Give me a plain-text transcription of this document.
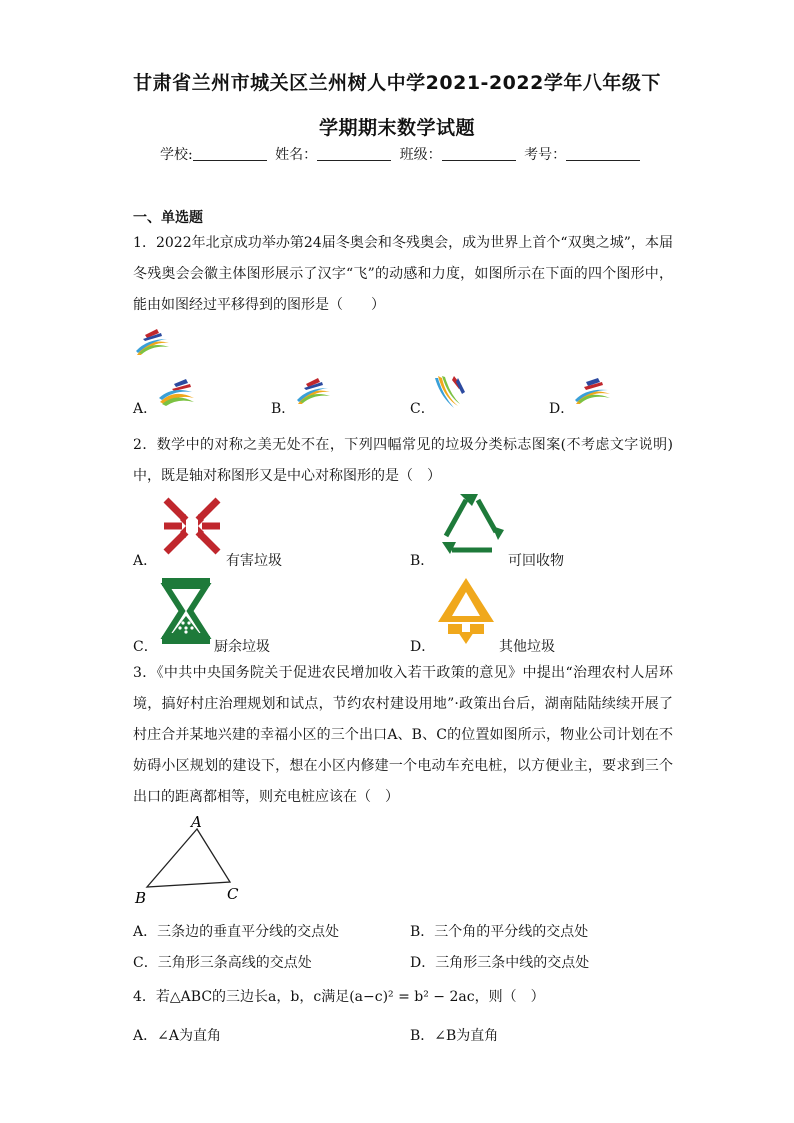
甘肃省兰州市城关区兰州树人中学2021-2022学年八年级下
学期期末数学试题
学校:	姓名：	班级：	考号：
一、单选题
1．2022年北京成功举办第24届冬奥会和冬残奥会，成为世界上首个“双奥之城”，本届冬残奥会会徽主体图形展示了汉字“飞”的动感和力度，如图所示在下面的四个图形中，能由如图经过平移得到的图形是（　　）
A．	B．	C．	D．
2．数学中的对称之美无处不在，下列四幅常见的垃圾分类标志图案(不考虑文字说明)中，既是轴对称图形又是中心对称图形的是（　）
A．	有害垃圾	B．	可回收物
C．	厨余垃圾	D．	其他垃圾
3．《中共中央国务院关于促进农民增加收入若干政策的意见》中提出“治理农村人居环境，搞好村庄治理规划和试点，节约农村建设用地”·政策出台后，湖南陆陆续续开展了村庄合并某地兴建的幸福小区的三个出口A、B、C的位置如图所示，物业公司计划在不妨碍小区规划的建设下，想在小区内修建一个电动车充电桩，以方便业主，要求到三个出口的距离都相等，则充电桩应该在（　）
A
B	C
A．三条边的垂直平分线的交点处	B．三个角的平分线的交点处
C．三角形三条高线的交点处	D．三角形三条中线的交点处
4．若△ABC的三边长a，b，c满足(a−c)² = b² − 2ac，则（　）
A．∠A为直角	B．∠B为直角
